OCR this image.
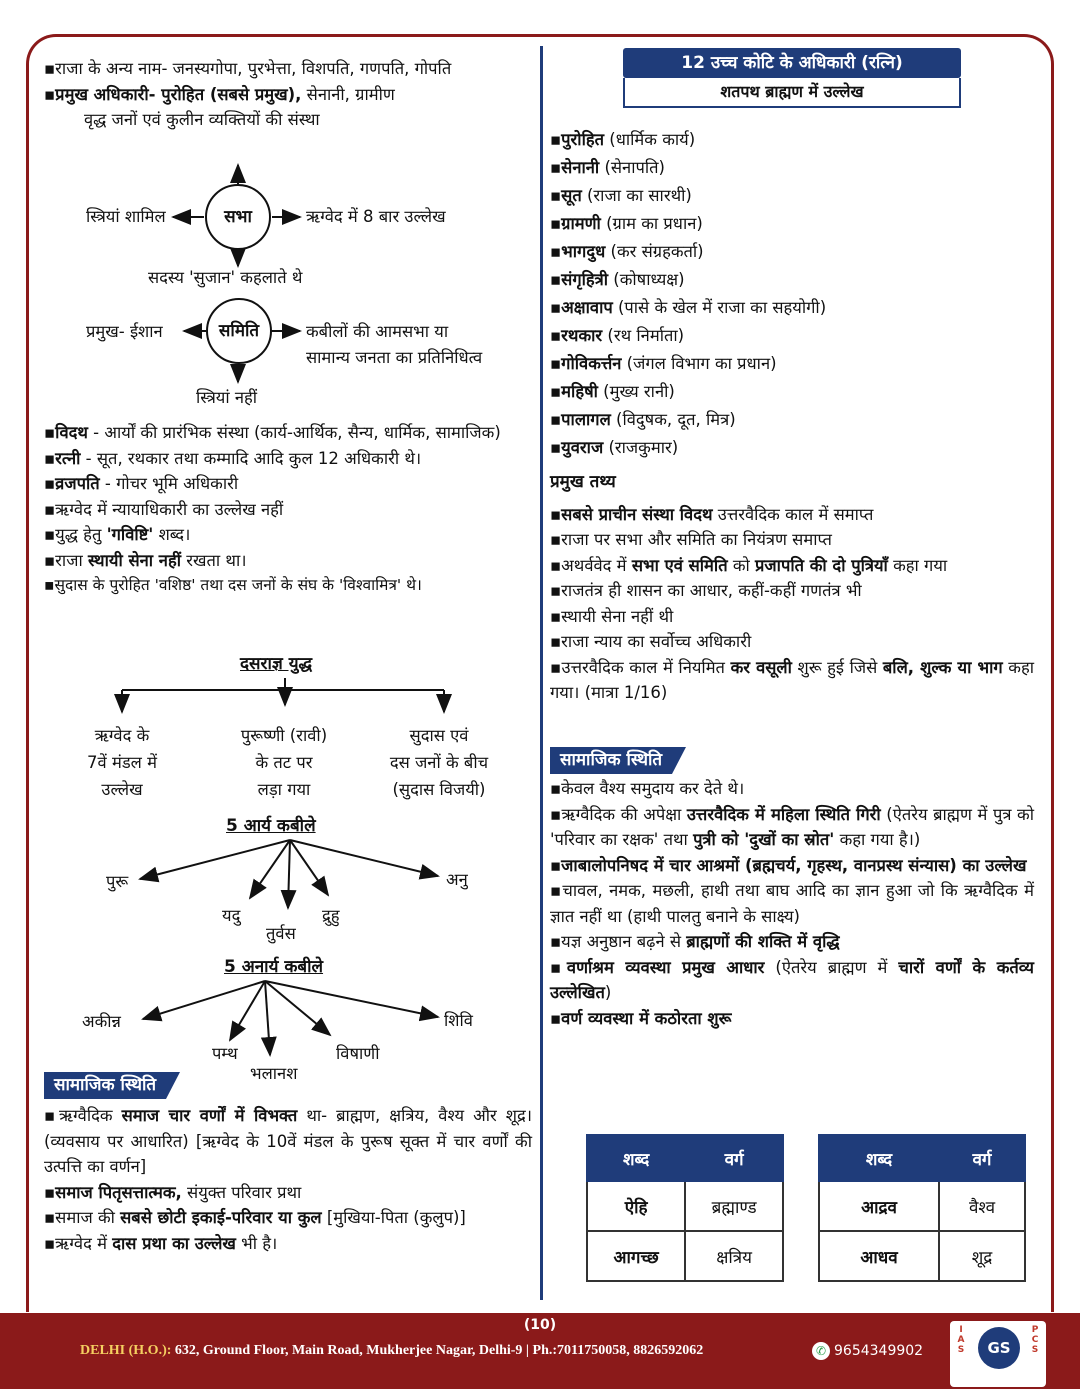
▪राजा के अन्य नाम- जनस्यगोपा, पुरभेत्ता, विशपति, गणपति, गोपति
▪प्रमुख अधिकारी- पुरोहित (सबसे प्रमुख), सेनानी, ग्रामीण
वृद्ध जनों एवं कुलीन व्यक्तियों की संस्था
सभा
स्त्रियां शामिल	ऋग्वेद में 8 बार उल्लेख
सदस्य 'सुजान' कहलाते थे
समिति
प्रमुख- ईशान	कबीलों की आमसभा या
सामान्य जनता का प्रतिनिधित्व
स्त्रियां नहीं
▪विदथ - आर्यों की प्रारंभिक संस्था (कार्य-आर्थिक, सैन्य, धार्मिक, सामाजिक)
▪रत्नी - सूत, रथकार तथा कम्मादि आदि कुल 12 अधिकारी थे।
▪व्रजपति - गोचर भूमि अधिकारी
▪ऋग्वेद में न्यायाधिकारी का उल्लेख नहीं
▪युद्ध हेतु 'गविष्टि' शब्द।
▪राजा स्थायी सेना नहीं रखता था।
▪सुदास के पुरोहित 'वशिष्ठ' तथा दस जनों के संघ के 'विश्वामित्र' थे।
दसराज्ञ युद्ध
ऋग्वेद के
7वें मंडल में
उल्लेख
पुरूष्णी (रावी)
के तट पर
लड़ा गया
सुदास एवं
दस जनों के बीच
(सुदास विजयी)
5 आर्य कबीले
पुरू
यदु
तुर्वस
द्रुहु
अनु
5 अनार्य कबीले
अकीन्न
पम्थ
भलानश
विषाणी
शिवि
सामाजिक स्थिति
▪ऋग्वैदिक समाज चार वर्णों में विभक्त था- ब्राह्मण, क्षत्रिय, वैश्य और शूद्र। (व्यवसाय पर आधारित) [ऋग्वेद के 10वें मंडल के पुरूष सूक्त में चार वर्णों की उत्पत्ति का वर्णन]
▪समाज पितृसत्तात्मक, संयुक्त परिवार प्रथा
▪समाज की सबसे छोटी इकाई-परिवार या कुल [मुखिया-पिता (कुलुप)]
▪ऋग्वेद में दास प्रथा का उल्लेख भी है।
12 उच्च कोटि के अधिकारी (रत्नि)
शतपथ ब्राह्मण में उल्लेख
▪पुरोहित (धार्मिक कार्य)
▪सेनानी (सेनापति)
▪सूत (राजा का सारथी)
▪ग्रामणी (ग्राम का प्रधान)
▪भागदुध (कर संग्रहकर्ता)
▪संगृहित्री (कोषाध्यक्ष)
▪अक्षावाप (पासे के खेल में राजा का सहयोगी)
▪रथकार (रथ निर्माता)
▪गोविकर्त्तन (जंगल विभाग का प्रधान)
▪महिषी (मुख्य रानी)
▪पालागल (विदुषक, दूत, मित्र)
▪युवराज (राजकुमार)
प्रमुख तथ्य
▪सबसे प्राचीन संस्था विदथ उत्तरवैदिक काल में समाप्त
▪राजा पर सभा और समिति का नियंत्रण समाप्त
▪अथर्ववेद में सभा एवं समिति को प्रजापति की दो पुत्रियाँ कहा गया
▪राजतंत्र ही शासन का आधार, कहीं-कहीं गणतंत्र भी
▪स्थायी सेना नहीं थी
▪राजा न्याय का सर्वोच्च अधिकारी
▪उत्तरवैदिक काल में नियमित कर वसूली शुरू हुई जिसे बलि, शुल्क या भाग कहा गया। (मात्रा 1/16)
सामाजिक स्थिति
▪केवल वैश्य समुदाय कर देते थे।
▪ऋग्वैदिक की अपेक्षा उत्तरवैदिक में महिला स्थिति गिरी (ऐतरेय ब्राह्मण में पुत्र को 'परिवार का रक्षक' तथा पुत्री को 'दुखों का स्रोत' कहा गया है।)
▪जाबालोपनिषद में चार आश्रमों (ब्रह्मचर्य, गृहस्थ, वानप्रस्थ संन्यास) का उल्लेख
▪चावल, नमक, मछली, हाथी तथा बाघ आदि का ज्ञान हुआ जो कि ऋग्वैदिक में ज्ञात नहीं था (हाथी पालतु बनाने के साक्ष्य)
▪यज्ञ अनुष्ठान बढ़ने से ब्राह्मणों की शक्ति में वृद्धि
▪वर्णाश्रम व्यवस्था प्रमुख आधार (ऐतरेय ब्राह्मण में चारों वर्णों के कर्तव्य उल्लेखित)
▪वर्ण व्यवस्था में कठोरता शुरू
शब्द	वर्ग
ऐहि	ब्रह्माण्ड
आगच्छ	क्षत्रिय
शब्द	वर्ग
आद्रव	वैश्व
आधव	शूद्र
(10)
DELHI (H.O.): 632, Ground Floor, Main Road, Mukherjee Nagar, Delhi-9 | Ph.:7011750058, 8826592062	✆ 9654349902
I
A
S	GS
P
C
S
